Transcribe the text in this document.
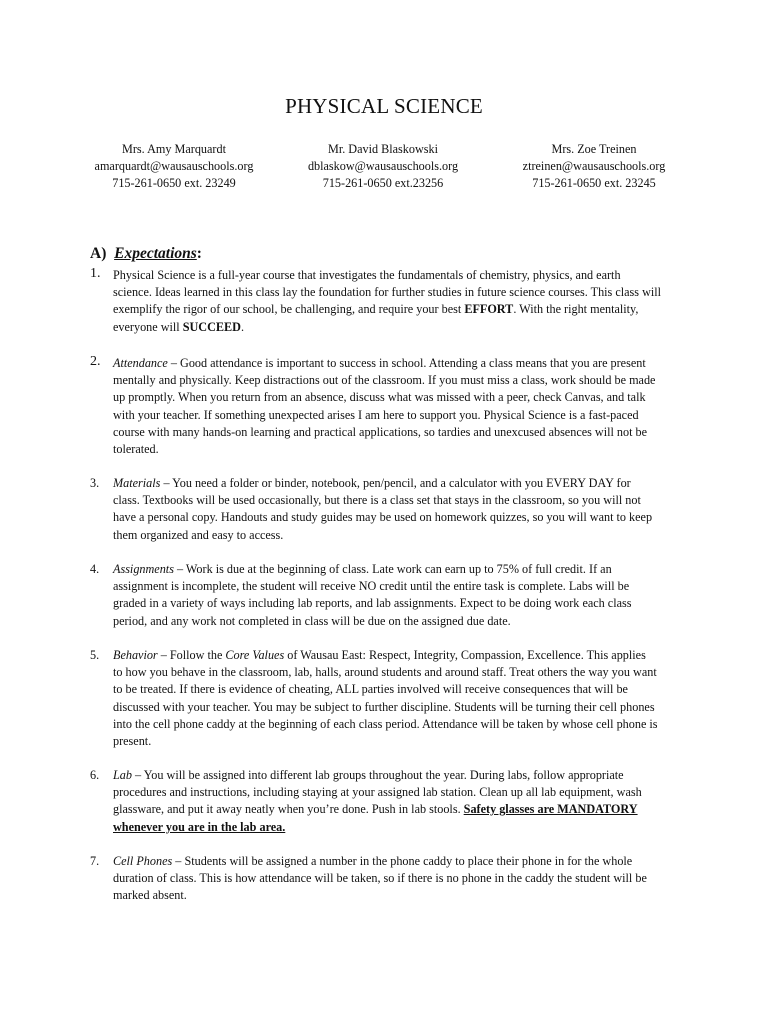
PHYSICAL SCIENCE
Mrs. Amy Marquardt
amarquardt@wausauschools.org
715-261-0650 ext. 23249
Mr. David Blaskowski
dblaskow@wausauschools.org
715-261-0650 ext.23256
Mrs. Zoe Treinen
ztreinen@wausauschools.org
715-261-0650 ext. 23245
A) Expectations:
1. Physical Science is a full-year course that investigates the fundamentals of chemistry, physics, and earth
science. Ideas learned in this class lay the foundation for further studies in future science courses. This class will
exemplify the rigor of our school, be challenging, and require your best EFFORT. With the right mentality,
everyone will SUCCEED.
2. Attendance – Good attendance is important to success in school. Attending a class means that you are present
mentally and physically. Keep distractions out of the classroom. If you must miss a class, work should be made
up promptly. When you return from an absence, discuss what was missed with a peer, check Canvas, and talk
with your teacher. If something unexpected arises I am here to support you. Physical Science is a fast-paced
course with many hands-on learning and practical applications, so tardies and unexcused absences will not be
tolerated.
3. Materials – You need a folder or binder, notebook, pen/pencil, and a calculator with you EVERY DAY for
class. Textbooks will be used occasionally, but there is a class set that stays in the classroom, so you will not
have a personal copy. Handouts and study guides may be used on homework quizzes, so you will want to keep
them organized and easy to access.
4. Assignments – Work is due at the beginning of class. Late work can earn up to 75% of full credit. If an
assignment is incomplete, the student will receive NO credit until the entire task is complete. Labs will be
graded in a variety of ways including lab reports, and lab assignments. Expect to be doing work each class
period, and any work not completed in class will be due on the assigned due date.
5. Behavior – Follow the Core Values of Wausau East: Respect, Integrity, Compassion, Excellence. This applies
to how you behave in the classroom, lab, halls, around students and around staff. Treat others the way you want
to be treated. If there is evidence of cheating, ALL parties involved will receive consequences that will be
discussed with your teacher. You may be subject to further discipline. Students will be turning their cell phones
into the cell phone caddy at the beginning of each class period. Attendance will be taken by whose cell phone is
present.
6. Lab – You will be assigned into different lab groups throughout the year. During labs, follow appropriate
procedures and instructions, including staying at your assigned lab station. Clean up all lab equipment, wash
glassware, and put it away neatly when you’re done. Push in lab stools. Safety glasses are MANDATORY
whenever you are in the lab area.
7. Cell Phones – Students will be assigned a number in the phone caddy to place their phone in for the whole
duration of class. This is how attendance will be taken, so if there is no phone in the caddy the student will be
marked absent.
